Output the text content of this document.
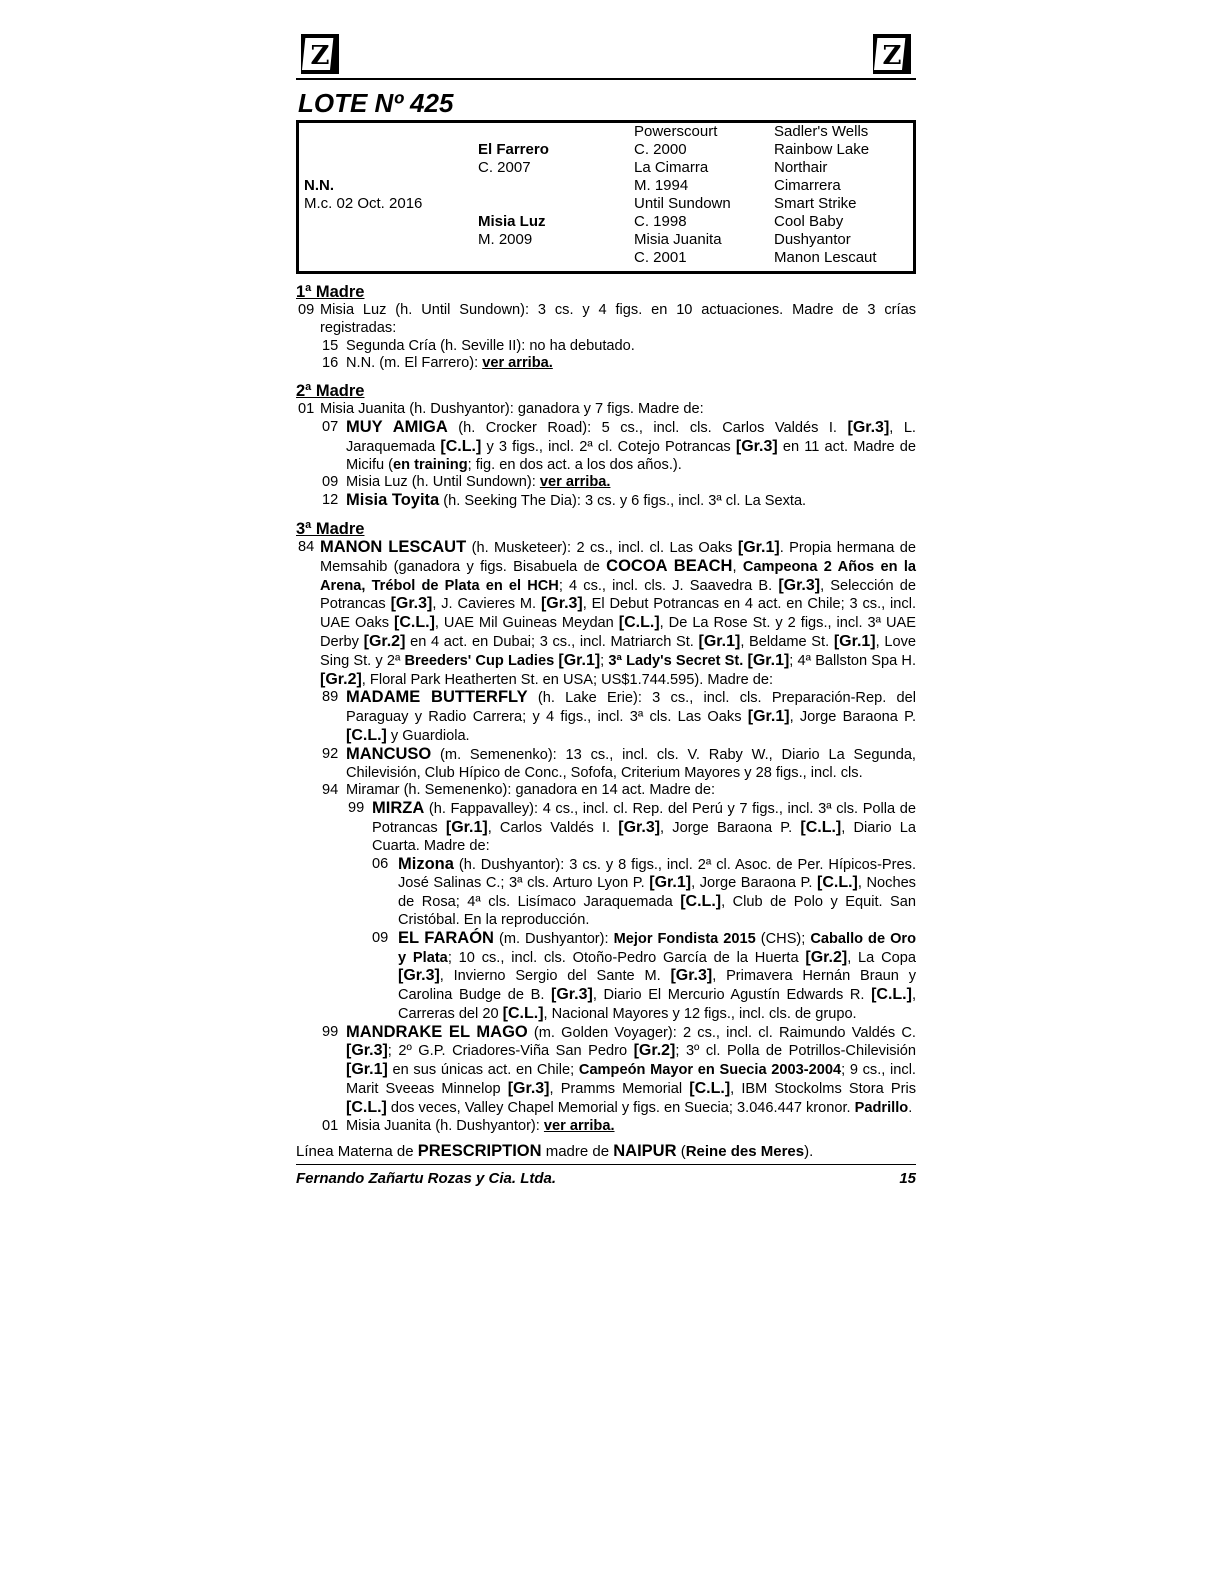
Z	Z
LOTE Nº 425
N.N.
M.c. 02 Oct. 2016
El Farrero
C. 2007
Misia Luz
M. 2009
Powerscourt
C. 2000
La Cimarra
M. 1994
Until Sundown
C. 1998
Misia Juanita
C. 2001
Sadler's Wells
Rainbow Lake
Northair
Cimarrera
Smart Strike
Cool Baby
Dushyantor
Manon Lescaut
1ª Madre
09 Misia Luz (h. Until Sundown): 3 cs. y 4 figs. en 10 actuaciones. Madre de 3 crías registradas:
15 Segunda Cría (h. Seville II): no ha debutado.
16 N.N. (m. El Farrero): ver arriba.
2ª Madre
01 Misia Juanita (h. Dushyantor): ganadora y 7 figs. Madre de:
07 MUY AMIGA (h. Crocker Road): 5 cs., incl. cls. Carlos Valdés I. [Gr.3], L. Jaraquemada [C.L.] y 3 figs., incl. 2ª cl. Cotejo Potrancas [Gr.3] en 11 act. Madre de Micifu (en training; fig. en dos act. a los dos años.).
09 Misia Luz (h. Until Sundown): ver arriba.
12 Misia Toyita (h. Seeking The Dia): 3 cs. y 6 figs., incl. 3ª cl. La Sexta.
3ª Madre
84 MANON LESCAUT (h. Musketeer): 2 cs., incl. cl. Las Oaks [Gr.1]. Propia hermana de Memsahib (ganadora y figs. Bisabuela de COCOA BEACH, Campeona 2 Años en la Arena, Trébol de Plata en el HCH; 4 cs., incl. cls. J. Saavedra B. [Gr.3], Selección de Potrancas [Gr.3], J. Cavieres M. [Gr.3], El Debut Potrancas en 4 act. en Chile; 3 cs., incl. UAE Oaks [C.L.], UAE Mil Guineas Meydan [C.L.], De La Rose St. y 2 figs., incl. 3ª UAE Derby [Gr.2] en 4 act. en Dubai; 3 cs., incl. Matriarch St. [Gr.1], Beldame St. [Gr.1], Love Sing St. y 2ª Breeders' Cup Ladies [Gr.1]; 3ª Lady's Secret St. [Gr.1]; 4ª Ballston Spa H. [Gr.2], Floral Park Heatherten St. en USA; US$1.744.595). Madre de:
89 MADAME BUTTERFLY (h. Lake Erie): 3 cs., incl. cls. Preparación-Rep. del Paraguay y Radio Carrera; y 4 figs., incl. 3ª cls. Las Oaks [Gr.1], Jorge Baraona P. [C.L.] y Guardiola.
92 MANCUSO (m. Semenenko): 13 cs., incl. cls. V. Raby W., Diario La Segunda, Chilevisión, Club Hípico de Conc., Sofofa, Criterium Mayores y 28 figs., incl. cls.
94 Miramar (h. Semenenko): ganadora en 14 act. Madre de:
99 MIRZA (h. Fappavalley): 4 cs., incl. cl. Rep. del Perú y 7 figs., incl. 3ª cls. Polla de Potrancas [Gr.1], Carlos Valdés I. [Gr.3], Jorge Baraona P. [C.L.], Diario La Cuarta. Madre de:
06 Mizona (h. Dushyantor): 3 cs. y 8 figs., incl. 2ª cl. Asoc. de Per. Hípicos-Pres. José Salinas C.; 3ª cls. Arturo Lyon P. [Gr.1], Jorge Baraona P. [C.L.], Noches de Rosa; 4ª cls. Lisímaco Jaraquemada [C.L.], Club de Polo y Equit. San Cristóbal. En la reproducción.
09 EL FARAÓN (m. Dushyantor): Mejor Fondista 2015 (CHS); Caballo de Oro y Plata; 10 cs., incl. cls. Otoño-Pedro García de la Huerta [Gr.2], La Copa [Gr.3], Invierno Sergio del Sante M. [Gr.3], Primavera Hernán Braun y Carolina Budge de B. [Gr.3], Diario El Mercurio Agustín Edwards R. [C.L.], Carreras del 20 [C.L.], Nacional Mayores y 12 figs., incl. cls. de grupo.
99 MANDRAKE EL MAGO (m. Golden Voyager): 2 cs., incl. cl. Raimundo Valdés C. [Gr.3]; 2º G.P. Criadores-Viña San Pedro [Gr.2]; 3º cl. Polla de Potrillos-Chilevisión [Gr.1] en sus únicas act. en Chile; Campeón Mayor en Suecia 2003-2004; 9 cs., incl. Marit Sveeas Minnelop [Gr.3], Pramms Memorial [C.L.], IBM Stockolms Stora Pris [C.L.] dos veces, Valley Chapel Memorial y figs. en Suecia; 3.046.447 kronor. Padrillo.
01 Misia Juanita (h. Dushyantor): ver arriba.
Línea Materna de PRESCRIPTION madre de NAIPUR (Reine des Meres).
Fernando Zañartu Rozas y Cia. Ltda.	15
